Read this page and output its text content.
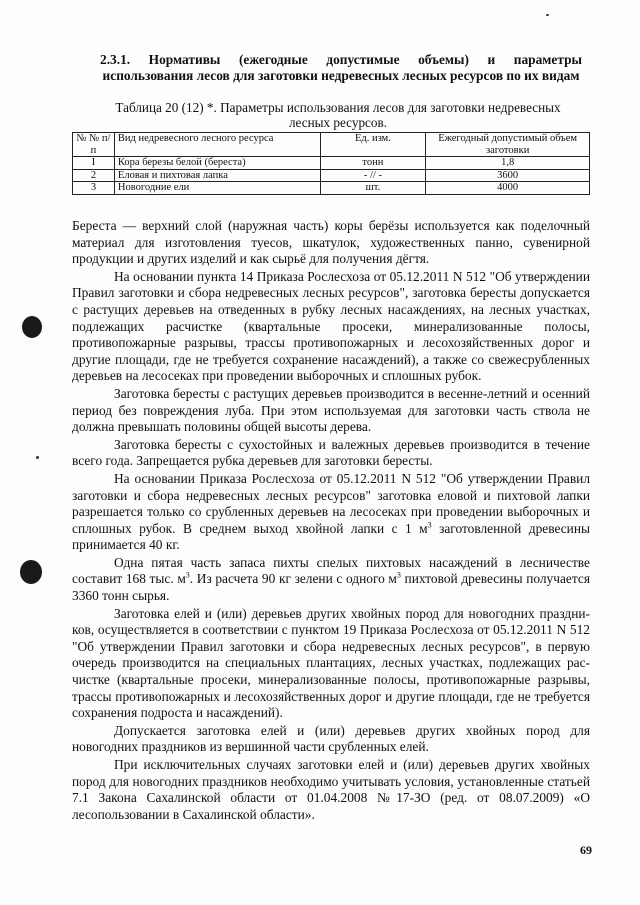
2.3.1. Нормативы (ежегодные допустимые объемы) и параметры использования лесов для заготовки недревесных лесных ресурсов по их видам
Таблица 20 (12) *. Параметры использования лесов для заготовки недревесных лесных ресурсов.
№ № п/п	Вид недревесного лесного ресурса	Ед. изм.	Ежегодный допустимый объем заготовки
I	Кора березы белой (береста)	тонн	1,8
2	Еловая и пихтовая лапка	- // -	3600
3	Новогодние ели	шт.	4000

Береста — верхний слой (наружная часть) коры берёзы используется как поделочный материал для изготовления туесов, шкатулок, художественных панно, сувенирной продукции и других изделий и как сырьё для получения дёгтя.

На основании пункта 14 Приказа Рослесхоза от 05.12.2011 N 512 "Об утверждении Правил заготовки и сбора недревесных лесных ресурсов", заготовка бересты допускается с растущих деревьев на отведенных в рубку лесных насаждениях, на лесных участках, подлежащих расчистке (квартальные просеки, минерализованные полосы, противопожарные разрывы, трассы противопожарных и лесохозяйственных дорог и другие площади, где не требуется сохранение насаждений), а также со свежесрубленных деревьев на лесосеках при проведении выборочных и сплошных рубок.

Заготовка бересты с растущих деревьев производится в весенне-летний и осенний период без повреждения луба. При этом используемая для заготовки часть ствола не должна превышать половины общей высоты дерева.

Заготовка бересты с сухостойных и валежных деревьев производится в течение всего года. Запрещается рубка деревьев для заготовки бересты.

На основании Приказа Рослесхоза от 05.12.2011 N 512 "Об утверждении Правил заготовки и сбора недревесных лесных ресурсов" заготовка еловой и пихтовой лапки разрешается только со срубленных деревьев на лесосеках при проведении выборочных и сплошных рубок. В среднем выход хвойной лапки с 1 $м^3$ заготовленной древесины принимается 40 кг.

Одна пятая часть запаса пихты спелых пихтовых насаждений в лесничестве составит 168 тыс. $м^3$. Из расчета 90 кг зелени с одного $м^3$ пихтовой древесины получается 3360 тонн сырья.

Заготовка елей и (или) деревьев других хвойных пород для новогодних праздни-ков, осуществляется в соответствии с пунктом 19 Приказа Рослесхоза от 05.12.2011 N 512 "Об утверждении Правил заготовки и сбора недревесных лесных ресурсов", в первую очередь производится на специальных плантациях, лесных участках, подлежащих рас-чистке (квартальные просеки, минерализованные полосы, противопожарные разрывы, трассы противопожарных и лесохозяйственных дорог и другие площади, где не требуется сохранения подроста и насаждений).

Допускается заготовка елей и (или) деревьев других хвойных пород для новогодних праздников из вершинной части срубленных елей.

При исключительных случаях заготовки елей и (или) деревьев других хвойных пород для новогодних праздников необходимо учитывать условия, установленные статьей 7.1 Закона Сахалинской области от 01.04.2008 №17-ЗО (ред. от 08.07.2009) «О лесопользовании в Сахалинской области».

69
